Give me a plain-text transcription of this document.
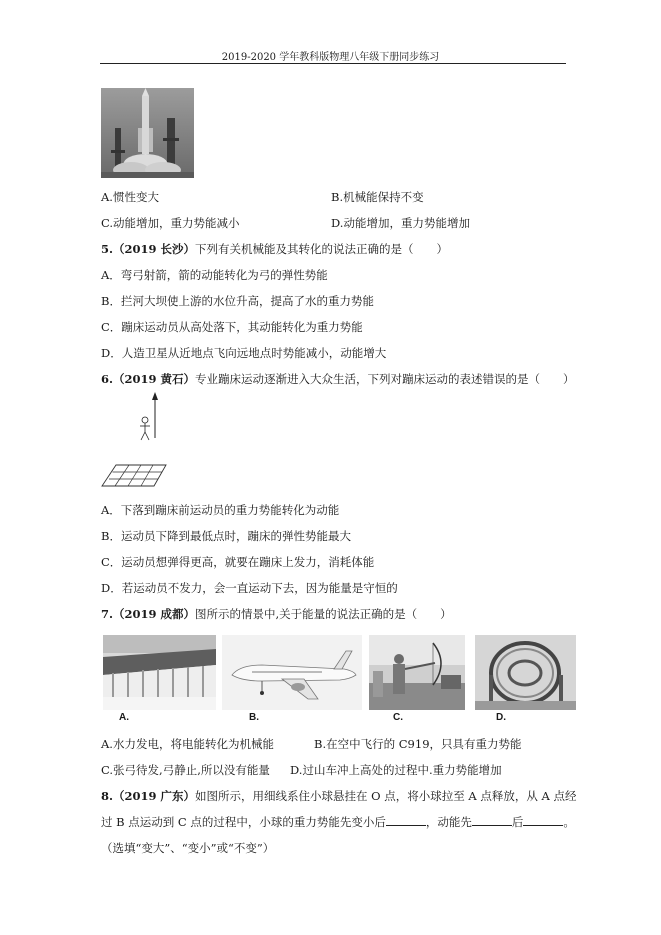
2019-2020 学年教科版物理八年级下册同步练习
A.惯性变大	B.机械能保持不变
C.动能增加，重力势能减小	D.动能增加，重力势能增加
5.（2019 长沙）下列有关机械能及其转化的说法正确的是（　　）
A．弯弓射箭，箭的动能转化为弓的弹性势能
B．拦河大坝使上游的水位升高，提高了水的重力势能
C．蹦床运动员从高处落下，其动能转化为重力势能
D．人造卫星从近地点飞向远地点时势能减小，动能增大
6.（2019 黄石）专业蹦床运动逐渐进入大众生活，下列对蹦床运动的表述错误的是（　　）
A．下落到蹦床前运动员的重力势能转化为动能
B．运动员下降到最低点时，蹦床的弹性势能最大
C．运动员想弹得更高，就要在蹦床上发力，消耗体能
D．若运动员不发力，会一直运动下去，因为能量是守恒的
7.（2019 成都）图所示的情景中,关于能量的说法正确的是（　　）
A.	B.	C.	D.
A.水力发电，将电能转化为机械能	B.在空中飞行的 C919，只具有重力势能
C.张弓待发,弓静止,所以没有能量 D.过山车冲上高处的过程中.重力势能增加
8.（2019 广东）如图所示，用细线系住小球悬挂在 O 点，将小球拉至 A 点释放，从 A 点经
过 B 点运动到 C 点的过程中，小球的重力势能先变小后	，动能先	后	。
（选填“变大”、“变小”或“不变”）
